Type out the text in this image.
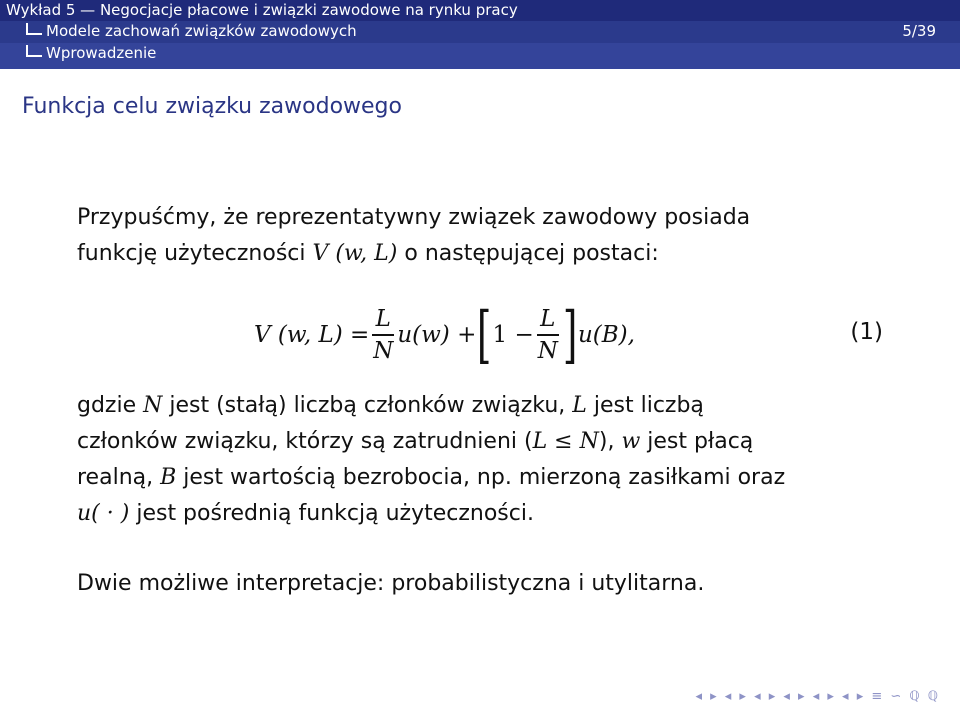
Wykład 5 — Negocjacje płacowe i związki zawodowe na rynku pracy
Modele zachowań związków zawodowych	5/39
Wprowadzenie
Funkcja celu związku zawodowego
Przypuśćmy, że reprezentatywny związek zawodowy posiada
funkcję użyteczności V (w, L) o następującej postaci:
V (w, $L) = \frac{L}{N} u(w)$ + [ $1 - \frac{L}{N}$ ] u(B),	(1)
gdzie N jest (stałą) liczbą członków związku, L jest liczbą
członków związku, którzy są zatrudnieni (L ≤ N), w jest płacą
realną, B jest wartością bezrobocia, np. mierzoną zasiłkami oraz
u( · ) jest pośrednią funkcją użyteczności.
Dwie możliwe interpretacje: probabilistyczna i utylitarna.
◂ ▸ ◂ ▸ ◂ ▸ ◂ ▸ ◂ ▸ ◂ ▸ ≡ ∽ ℚ ℚ
